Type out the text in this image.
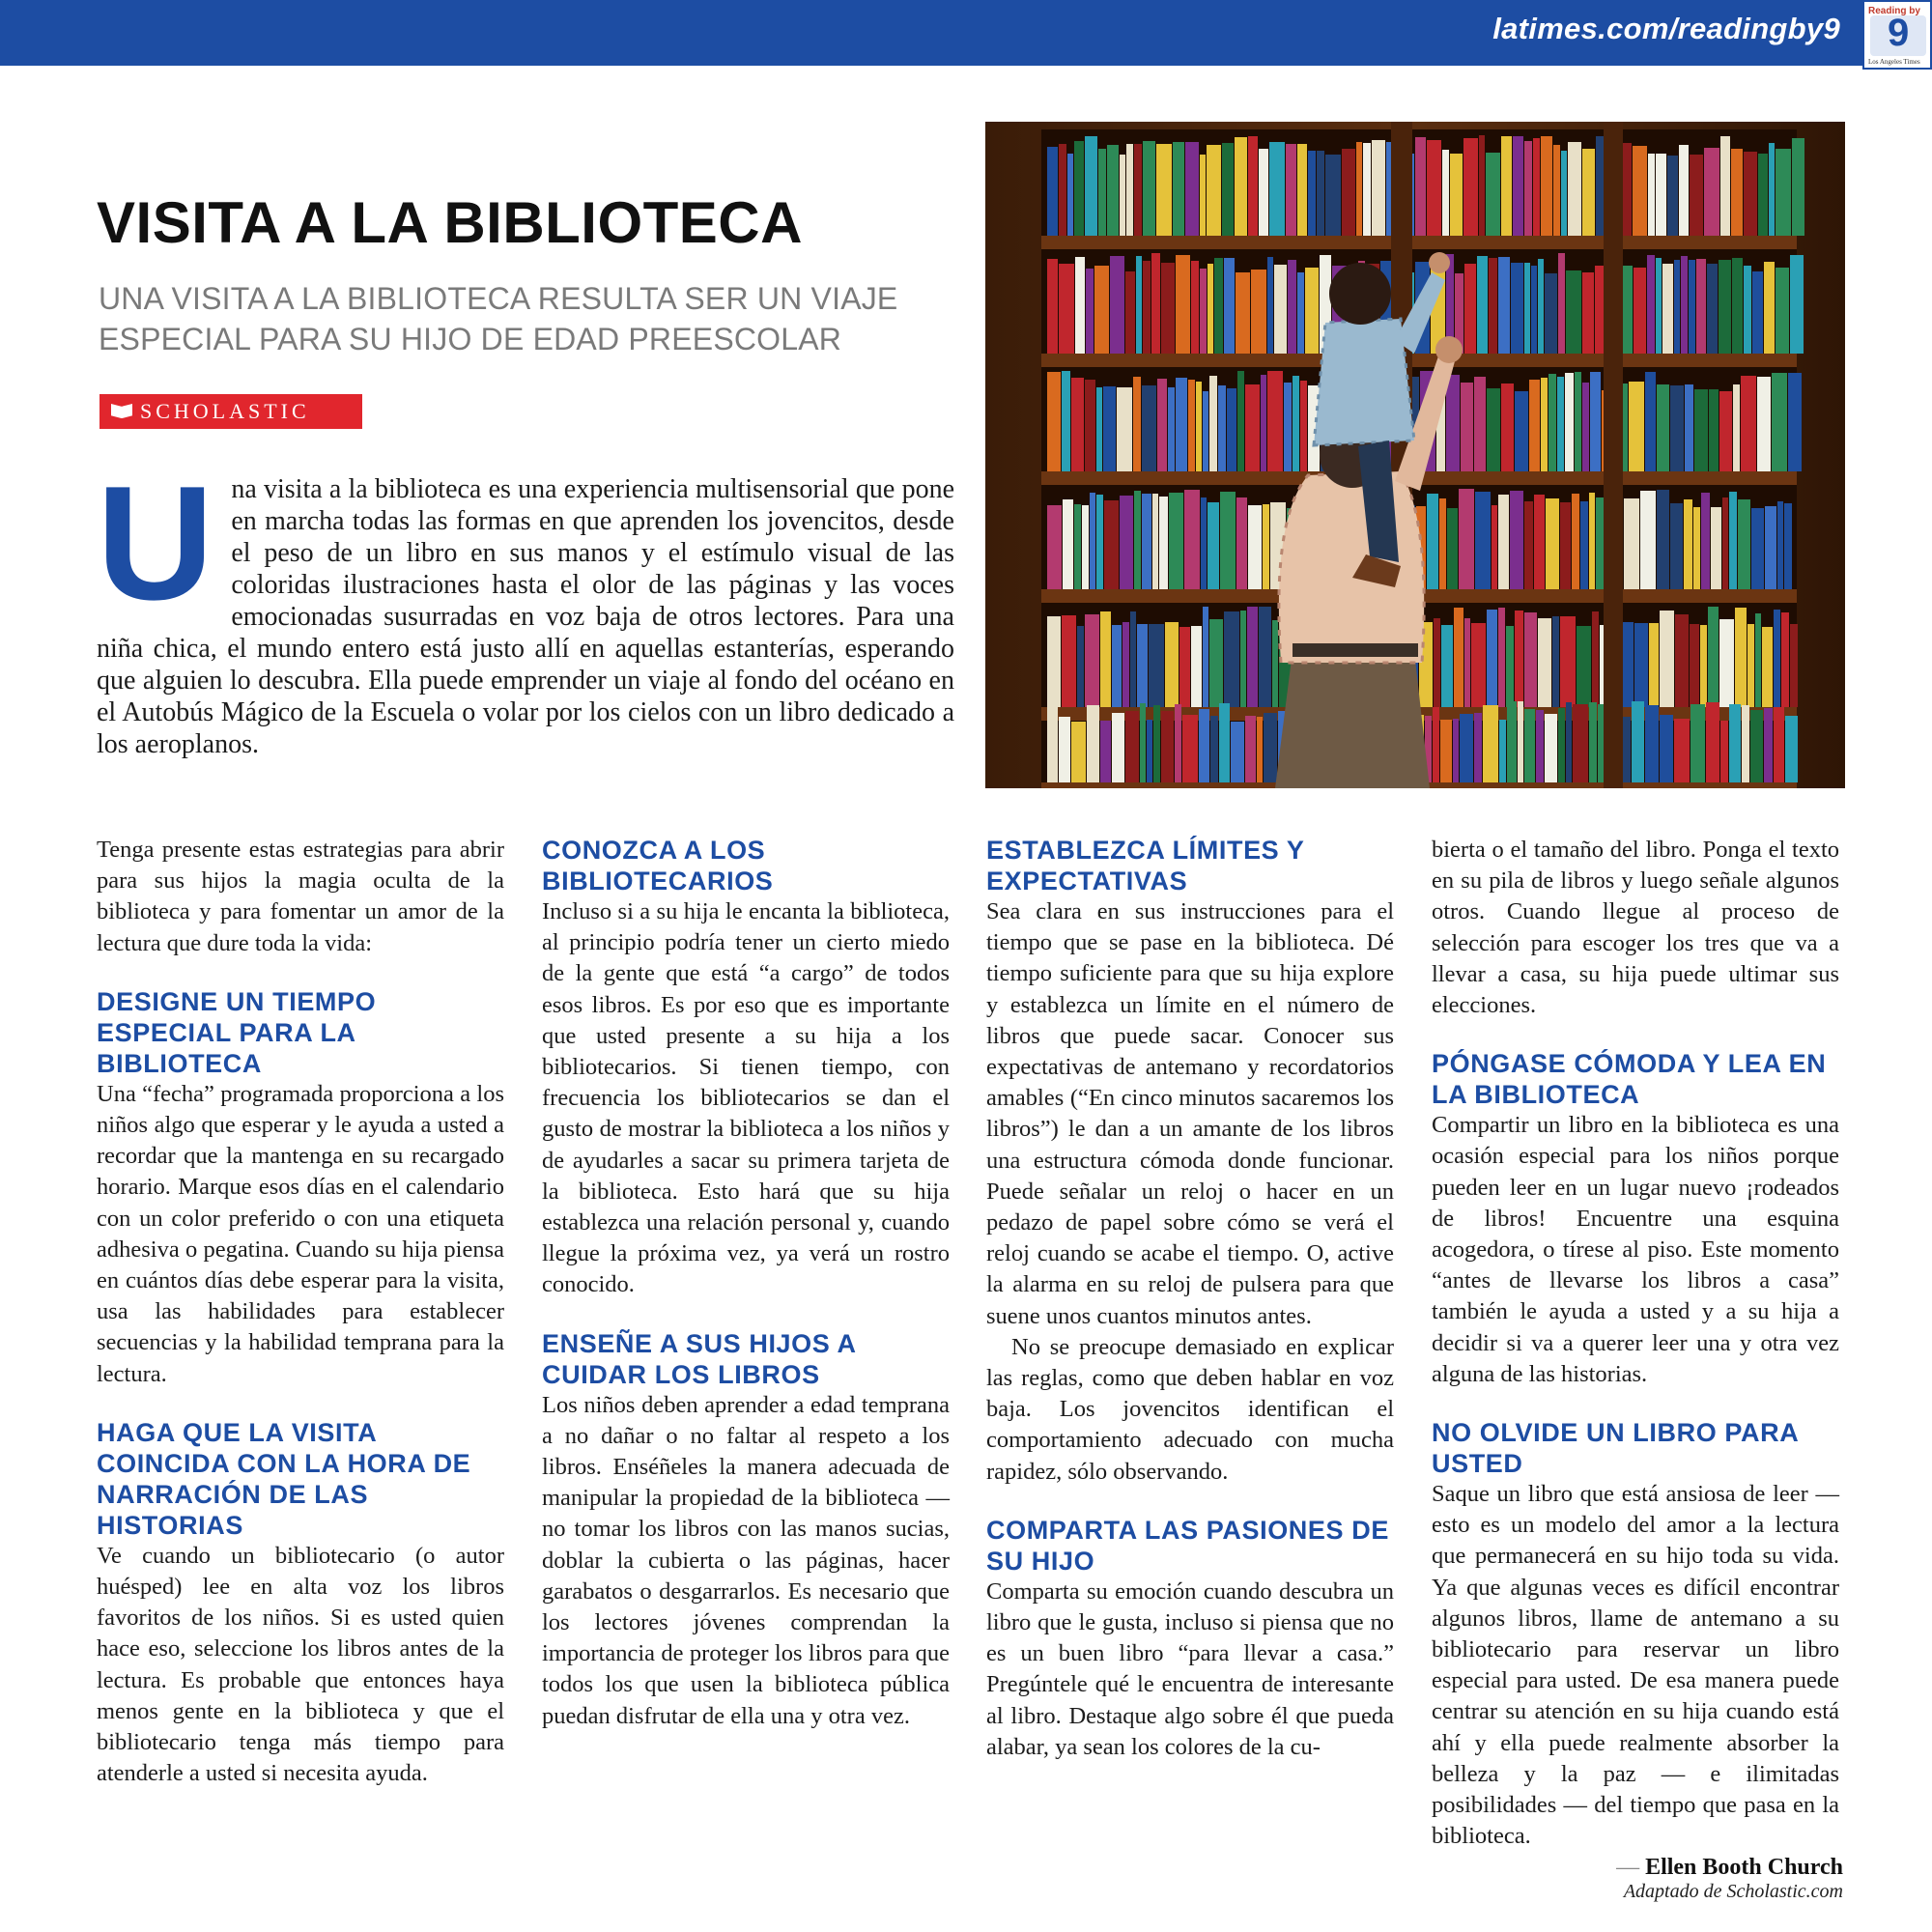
latimes.com/readingby9
Reading by
9
Los Angeles Times
VISITA A LA BIBLIOTECA
UNA VISITA A LA BIBLIOTECA RESULTA SER UN VIAJE ESPECIAL PARA SU HIJO DE EDAD PREESCOLAR
SCHOLASTIC
U na visita a la biblioteca es una experiencia multisensorial que pone en marcha todas las formas en que aprenden los jovencitos, desde el peso de un libro en sus manos y el estímulo visual de las coloridas ilustraciones hasta el olor de las páginas y las voces emocionadas susurradas en voz baja de otros lectores. Para una niña chica, el mundo entero está justo allí en aquellas estanterías, esperando que alguien lo descubra. Ella puede emprender un viaje al fondo del océano en el Autobús Mágico de la Escuela o volar por los cielos con un libro dedicado a los aeroplanos.

Tenga presente estas estrategias para abrir para sus hijos la magia oculta de la biblioteca y para fomentar un amor de la lectura que dure toda la vida:

DESIGNE UN TIEMPO ESPECIAL PARA LA BIBLIOTECA

Una “fecha” programada proporciona a los niños algo que esperar y le ayuda a usted a recordar que la mantenga en su recargado horario. Marque esos días en el calendario con un color preferido o con una etiqueta adhesiva o pegatina. Cuando su hija piensa en cuántos días debe esperar para la visita, usa las habilidades para establecer secuencias y la habilidad temprana para la lectura.

HAGA QUE LA VISITA COINCIDA CON LA HORA DE NARRACIÓN DE LAS HISTORIAS

Ve cuando un bibliotecario (o autor huésped) lee en alta voz los libros favoritos de los niños. Si es usted quien hace eso, seleccione los libros antes de la lectura. Es probable que entonces haya menos gente en la biblioteca y que el bibliotecario tenga más tiempo para atenderle a usted si necesita ayuda.

CONOZCA A LOS BIBLIOTECARIOS

Incluso si a su hija le encanta la biblioteca, al principio podría tener un cierto miedo de la gente que está “a cargo” de todos esos libros. Es por eso que es importante que usted presente a su hija a los bibliotecarios. Si tienen tiempo, con frecuencia los bibliotecarios se dan el gusto de mostrar la biblioteca a los niños y de ayudarles a sacar su primera tarjeta de la biblioteca. Esto hará que su hija establezca una relación personal y, cuando llegue la próxima vez, ya verá un rostro conocido.

ENSEÑE A SUS HIJOS A CUIDAR LOS LIBROS

Los niños deben aprender a edad temprana a no dañar o no faltar al respeto a los libros. Enséñeles la manera adecuada de manipular la propiedad de la biblioteca —no tomar los libros con las manos sucias, doblar la cubierta o las páginas, hacer garabatos o desgarrarlos. Es necesario que los lectores jóvenes comprendan la importancia de proteger los libros para que todos los que usen la biblioteca pública puedan disfrutar de ella una y otra vez.

ESTABLEZCA LÍMITES Y EXPECTATIVAS

Sea clara en sus instrucciones para el tiempo que se pase en la biblioteca. Dé tiempo suficiente para que su hija explore y establezca un límite en el número de libros que puede sacar. Conocer sus expectativas de antemano y recordatorios amables (“En cinco minutos sacaremos los libros”) le dan a un amante de los libros una estructura cómoda donde funcionar. Puede señalar un reloj o hacer en un pedazo de papel sobre cómo se verá el reloj cuando se acabe el tiempo. O, active la alarma en su reloj de pulsera para que suene unos cuantos minutos antes.

No se preocupe demasiado en explicar las reglas, como que deben hablar en voz baja. Los jovencitos identifican el comportamiento adecuado con mucha rapidez, sólo observando.

COMPARTA LAS PASIONES DE SU HIJO

Comparta su emoción cuando descubra un libro que le gusta, incluso si piensa que no es un buen libro “para llevar a casa.” Pregúntele qué le encuentra de interesante al libro. Destaque algo sobre él que pueda alabar, ya sean los colores de la cu-

bierta o el tamaño del libro. Ponga el texto en su pila de libros y luego señale algunos otros. Cuando llegue al proceso de selección para escoger los tres que va a llevar a casa, su hija puede ultimar sus elecciones.

PÓNGASE CÓMODA Y LEA EN LA BIBLIOTECA

Compartir un libro en la biblioteca es una ocasión especial para los niños porque pueden leer en un lugar nuevo ¡rodeados de libros! Encuentre una esquina acogedora, o tírese al piso. Este momento “antes de llevarse los libros a casa” también le ayuda a usted y a su hija a decidir si va a querer leer una y otra vez alguna de las historias.

NO OLVIDE UN LIBRO PARA USTED

Saque un libro que está ansiosa de leer — esto es un modelo del amor a la lectura que permanecerá en su hijo toda su vida. Ya que algunas veces es difícil encontrar algunos libros, llame de antemano a su bibliotecario para reservar un libro especial para usted. De esa manera puede centrar su atención en su hija cuando está ahí y ella puede realmente absorber la belleza y la paz — e ilimitadas posibilidades — del tiempo que pasa en la biblioteca.

— Ellen Booth Church
Adaptado de Scholastic.com
